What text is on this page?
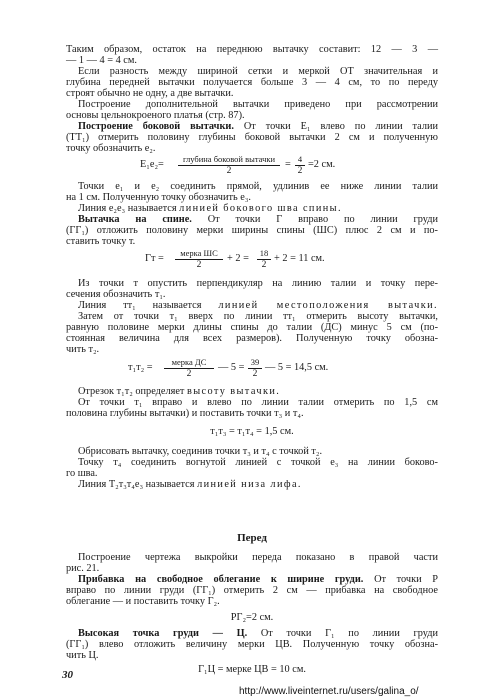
Таким образом, остаток на переднюю вытачку составит: 12 — 3 —
— 1 — 4 = 4 см.
Если разность между шириной сетки и меркой ОТ значительная и
глубина передней вытачки получается больше 3 — 4 см, то по переду
строят обычно не одну, а две вытачки.
Построение дополнительной вытачки приведено при рассмотрении
основы цельнокроеного платья (стр. 87).
Построение боковой вытачки. От точки E₁ влево по линии талии
(ТТ₁) отмерить половину глубины боковой вытачки 2 см и полученную
точку обозначить e₂.
E₁e₂=	глубина боковой вытачки
2
= 4
2
=2 см.
Точки e₁ и e₂ соединить прямой, удлинив ее ниже линии талии
на 1 см. Полученную точку обозначить e₃.
Линия e₂e₃ называется линией бокового шва спины.
Вытачка на спине. От точки Г вправо по линии груди
(ГГ₁) отложить половину мерки ширины спины (ШС) плюс 2 см и по-
ставить точку т.
Гт =	мерка ШС
2
+ 2 =	18
2
+ 2 = 11 см.
Из точки т опустить перпендикуляр на линию талии и точку пере-
сечения обозначить т₁.
Линия тт₁ называется линией местоположения вытачки.
Затем от точки т₁ вверх по линии тт₁ отмерить высоту вытачки,
равную половине мерки длины спины до талии (ДС) минус 5 см (по-
стоянная величина для всех размеров). Полученную точку обозна-
чить т₂.
т₁т₂ =	мерка ДС
2
— 5 = 39
2
— 5 = 14,5 см.
Отрезок т₁т₂ определяет высоту вытачки.
От точки т₁ вправо и влево по линии талии отмерить по 1,5 см
половина глубины вытачки) и поставить точки т₃ и т₄.
т₁т₃ = т₁т₄ = 1,5 см.
Обрисовать вытачку, соединив точки т₃ и т₄ с точкой т₂.
Точку т₄ соединить вогнутой линией с точкой e₃ на линии боково-
го шва.
Линия Т₂т₃т₄e₃ называется линией низа лифа.
Перед
Построение чертежа выкройки переда показано в правой части
рис. 21.
Прибавка на свободное облегание к ширине груди. От точки Р
вправо по линии груди (ГГ₁) отмерить 2 см — прибавка на свободное
облегание — и поставить точку Г₂.
РГ₂=2 см.
Высокая точка груди — Ц. От точки Г₁ по линии груди
(ГГ₁) влево отложить величину мерки ЦВ. Полученную точку обозна-
чить Ц.
Г₁Ц = мерке ЦВ = 10 см.
30
http://www.liveinternet.ru/users/galina_o/
